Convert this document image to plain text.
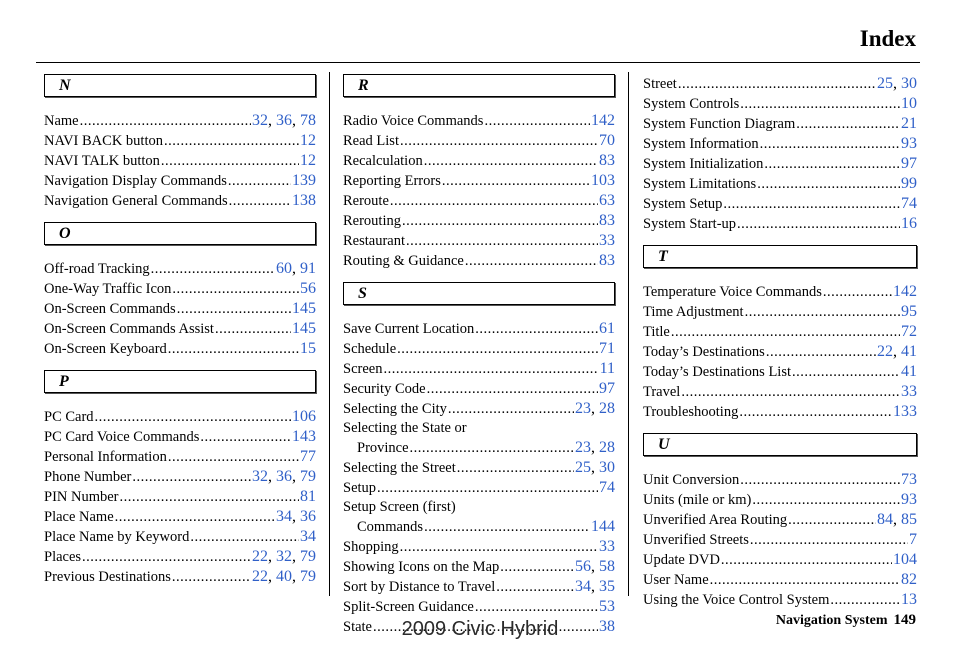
Index
N
Name .....	32, 36, 78
NAVI BACK button .....	12
NAVI TALK button .....	12
Navigation Display Commands .....	139
Navigation General Commands .....	138
O
Off-road Tracking .....	60, 91
One-Way Traffic Icon .....	56
On-Screen Commands .....	145
On-Screen Commands Assist .....	145
On-Screen Keyboard .....	15
P
PC Card .....	106
PC Card Voice Commands .....	143
Personal Information .....	77
Phone Number .....	32, 36, 79
PIN Number .....	81
Place Name .....	34, 36
Place Name by Keyword .....	34
Places .....	22, 32, 79
Previous Destinations .....	22, 40, 79
R
Radio Voice Commands .....	142
Read List .....	70
Recalculation .....	83
Reporting Errors .....	103
Reroute .....	63
Rerouting .....	83
Restaurant .....	33
Routing & Guidance .....	83
S
Save Current Location .....	61
Schedule .....	71
Screen .....	11
Security Code .....	97
Selecting the City .....	23, 28
Selecting the State or
Province .....	23, 28
Selecting the Street .....	25, 30
Setup .....	74
Setup Screen (first)
Commands .....	144
Shopping .....	33
Showing Icons on the Map .....	56, 58
Sort by Distance to Travel .....	34, 35
Split-Screen Guidance .....	53
State .....	38
Street .....	25, 30
System Controls .....	10
System Function Diagram .....	21
System Information .....	93
System Initialization .....	97
System Limitations .....	99
System Setup .....	74
System Start-up .....	16
T
Temperature Voice Commands .....	142
Time Adjustment .....	95
Title .....	72
Today’s Destinations .....	22, 41
Today’s Destinations List .....	41
Travel .....	33
Troubleshooting .....	133
U
Unit Conversion .....	73
Units (mile or km) .....	93
Unverified Area Routing .....	84, 85
Unverified Streets .....	7
Update DVD .....	104
User Name .....	82
Using the Voice Control System .....	13
Navigation System 149
2009 Civic Hybrid
